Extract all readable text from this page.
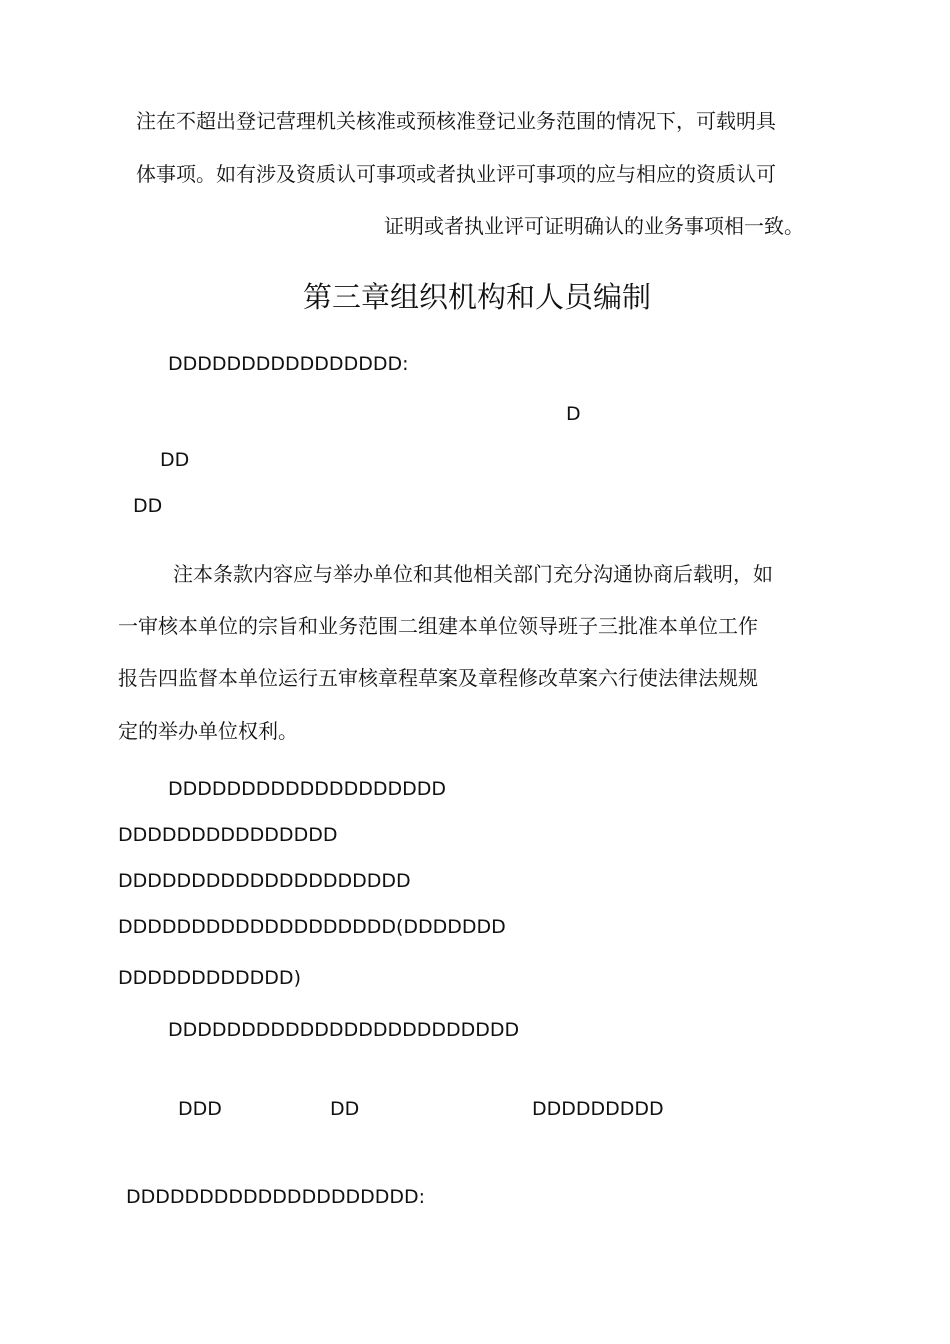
注在不超出登记营理机关核准或预核准登记业务范围的情况下，可载明具
体事项。如有涉及资质认可事项或者执业评可事项的应与相应的资质认可
证明或者执业评可证明确认的业务事项相一致。
第三章组织机构和人员编制
DDDDDDDDDDDDDDDD:
D
DD
DD
注本条款内容应与举办单位和其他相关部门充分沟通协商后载明，如
一审核本单位的宗旨和业务范围二组建本单位领导班子三批准本单位工作
报告四监督本单位运行五审核章程草案及章程修改草案六行使法律法规规
定的举办单位权利。
DDDDDDDDDDDDDDDDDDD
DDDDDDDDDDDDDDD
DDDDDDDDDDDDDDDDDDDD
DDDDDDDDDDDDDDDDDDD(DDDDDDD
DDDDDDDDDDDD)
DDDDDDDDDDDDDDDDDDDDDDDD
DDD	DD	DDDDDDDDD
DDDDDDDDDDDDDDDDDDDD:
